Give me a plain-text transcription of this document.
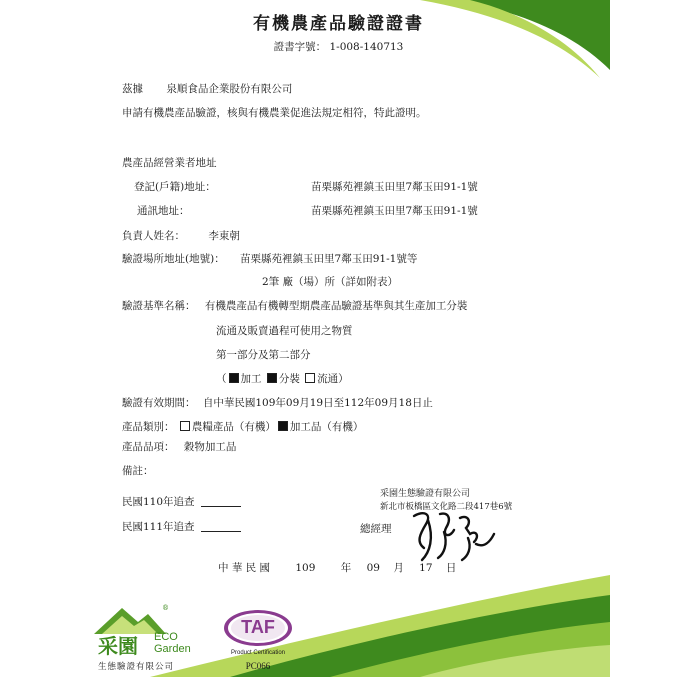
有機農產品驗證證書
證書字號： 1-008-140713
茲據 泉順食品企業股份有限公司
申請有機農產品驗證，核與有機農業促進法規定相符，特此證明。
農產品經營業者地址
登記(戶籍)地址：	苗栗縣苑裡鎮玉田里7鄰玉田91-1號
通訊地址：	苗栗縣苑裡鎮玉田里7鄰玉田91-1號
負責人姓名： 李東朝
驗證場所地址(地號)： 苗栗縣苑裡鎮玉田里7鄰玉田91-1號等
2筆 廠（場）所（詳如附表）
驗證基準名稱： 有機農產品有機轉型期農產品驗證基準與其生產加工分裝
流通及販賣過程可使用之物質
第一部分及第二部分
（ 加工 分裝 流通）
驗證有效期間： 自中華民國109年09月19日至112年09月18日止
產品類別： 農糧產品（有機） 加工品（有機）
產品品項： 穀物加工品
備註：
民國110年追查
民國111年追查
采園生態驗證有限公司
新北市板橋區文化路二段417巷6號
總經理
中 華 民 國 109 年 09 月 17 日
®
采園 ECO
Garden
生態驗證有限公司
TAF
Product Certification
PC066
